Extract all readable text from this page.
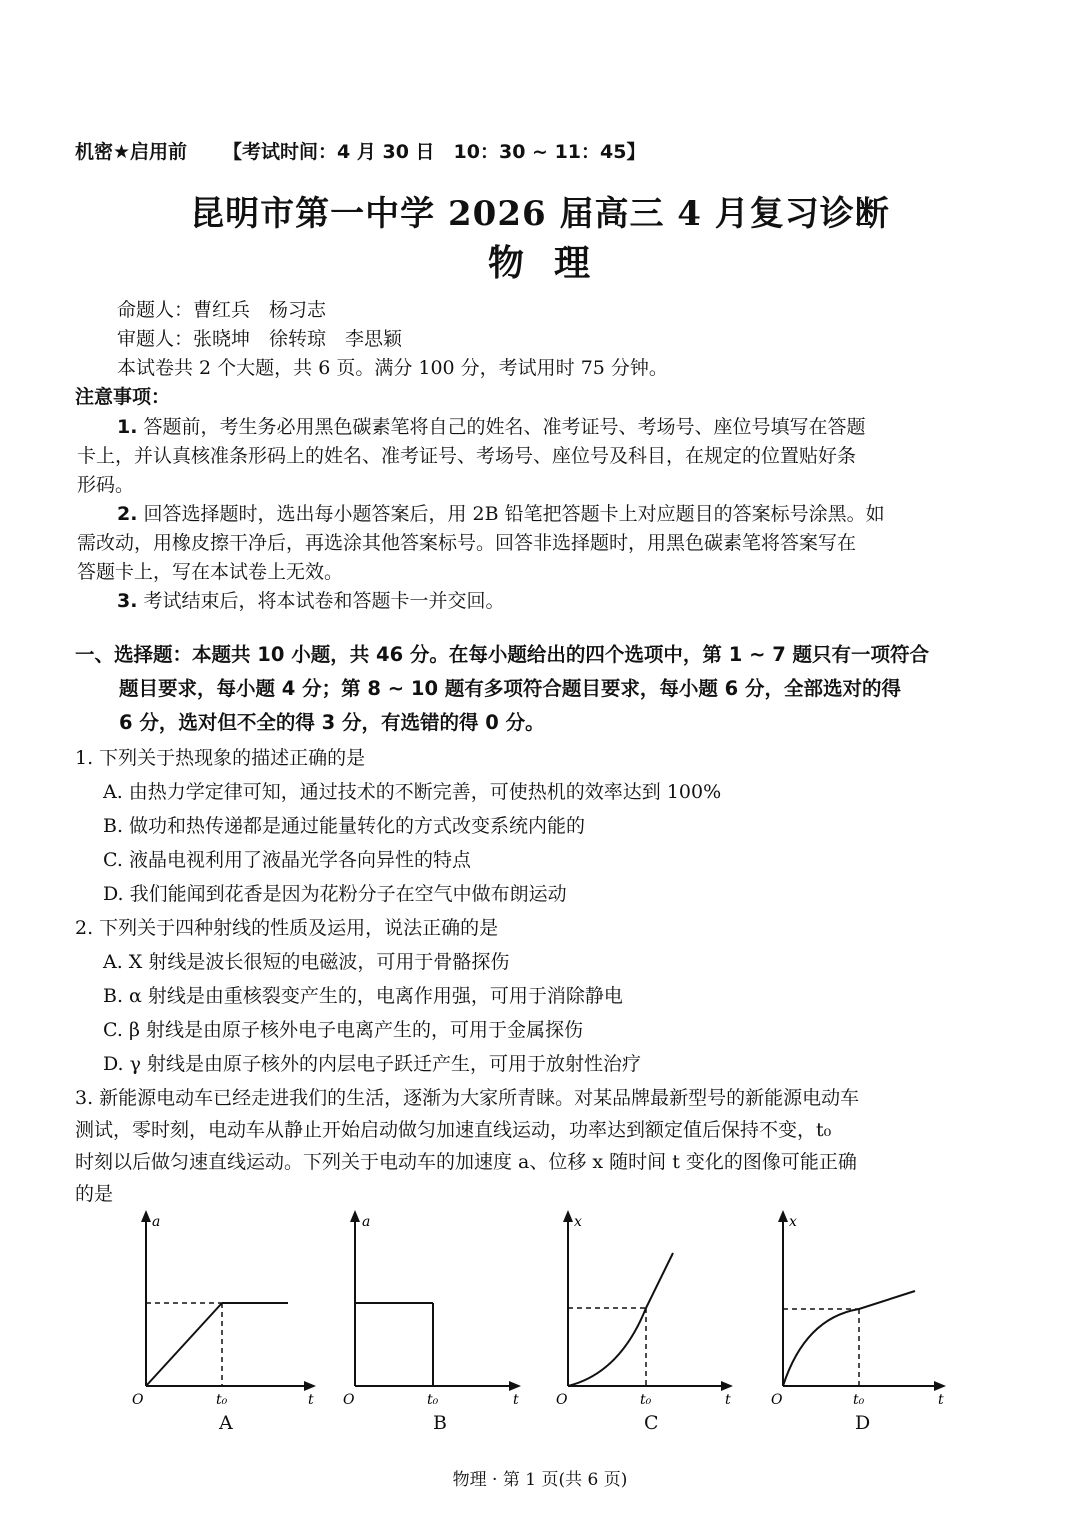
机密★启用前 【考试时间：4 月 30 日　10：30 ~ 11：45】
昆明市第一中学 2026 届高三 4 月复习诊断
物 理
命题人：曹红兵　杨习志
审题人：张晓坤　徐转琼　李思颖
本试卷共 2 个大题，共 6 页。满分 100 分，考试用时 75 分钟。
注意事项：
1. 答题前，考生务必用黑色碳素笔将自己的姓名、准考证号、考场号、座位号填写在答题
卡上，并认真核准条形码上的姓名、准考证号、考场号、座位号及科目，在规定的位置贴好条
形码。
2. 回答选择题时，选出每小题答案后，用 2B 铅笔把答题卡上对应题目的答案标号涂黑。如
需改动，用橡皮擦干净后，再选涂其他答案标号。回答非选择题时，用黑色碳素笔将答案写在
答题卡上，写在本试卷上无效。
3. 考试结束后，将本试卷和答题卡一并交回。
一、选择题：本题共 10 小题，共 46 分。在每小题给出的四个选项中，第 1 ~ 7 题只有一项符合
题目要求，每小题 4 分；第 8 ~ 10 题有多项符合题目要求，每小题 6 分，全部选对的得
6 分，选对但不全的得 3 分，有选错的得 0 分。
1. 下列关于热现象的描述正确的是
A. 由热力学定律可知，通过技术的不断完善，可使热机的效率达到 100%
B. 做功和热传递都是通过能量转化的方式改变系统内能的
C. 液晶电视利用了液晶光学各向异性的特点
D. 我们能闻到花香是因为花粉分子在空气中做布朗运动
2. 下列关于四种射线的性质及运用，说法正确的是
A. X 射线是波长很短的电磁波，可用于骨骼探伤
B. α 射线是由重核裂变产生的，电离作用强，可用于消除静电
C. β 射线是由原子核外电子电离产生的，可用于金属探伤
D. γ 射线是由原子核外的内层电子跃迁产生，可用于放射性治疗
3. 新能源电动车已经走进我们的生活，逐渐为大家所青睐。对某品牌最新型号的新能源电动车
测试，零时刻，电动车从静止开始启动做匀加速直线运动，功率达到额定值后保持不变，t₀
时刻以后做匀速直线运动。下列关于电动车的加速度 a、位移 x 随时间 t 变化的图像可能正确
的是
a
O	t₀	t
A
a
O	t₀	t
B
x
O	t₀	t
C
x
O	t₀	t
D
物理 · 第 1 页(共 6 页)
